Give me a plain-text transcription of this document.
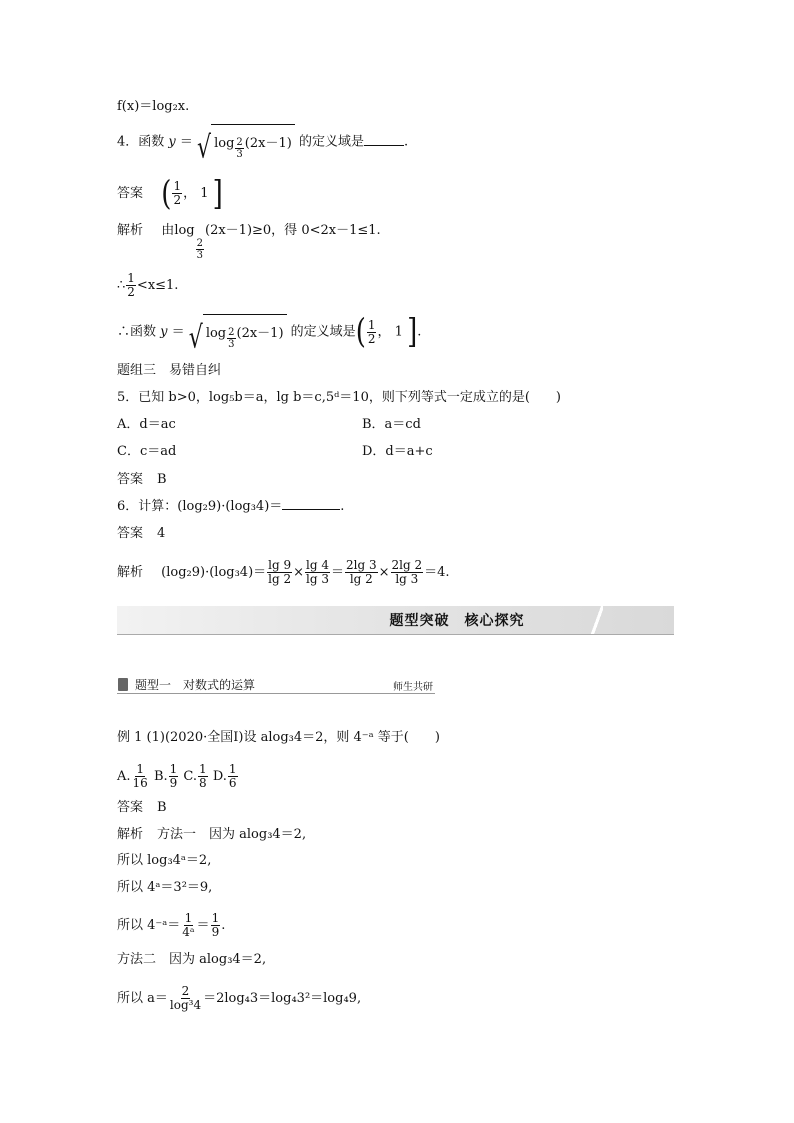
f(x)＝log₂x.
4．函数 y ＝ √ $\log \frac{2}{3} (2x-1)$ 的定义域是	.
答案 ( $\frac{1}{2}$ ， 1 ]
解析 由log
$\frac{2}{3}$
(2x－1)≥0，得 0<2x－1≤1.
∴ $\frac{1}{2} <x\le 1$.
∴函数 y ＝ √ $\log \frac{2}{3} (2x-1)$ 的定义域是( $\frac{1}{2}$ ， 1 ].
题组三　易错自纠
5．已知 b>0，log₅b＝a，lg b＝c,5ᵈ＝10，则下列等式一定成立的是(　　)
A．d＝ac	B．a＝cd
C．c＝ad	D．d＝a+c
答案 B
6．计算：(log₂9)·(log₃4)＝	.
答案 4
解析 $(\log_29)\cdot(\log_34)= \frac{\lg 9}{\lg 2} \times \frac{\lg 4}{\lg 3} = \frac{2\lg 3}{\lg 2} \times \frac{2\lg 2}{\lg 3} =4$.
题型突破　核心探究
题型一　对数式的运算	师生共研
例 1 (1)(2020·全国Ⅰ)设 alog₃4＝2，则 4⁻ᵃ 等于(　　)
A. $\frac{1}{16} B$. $\frac{1}{9} C$. $\frac{1}{8} D$. $\frac{1}{6}$
答案 B
解析 方法一　因为 alog₃4＝2,
所以 log₃4ᵃ＝2,
所以 4ᵃ＝3²＝9,
所以 4⁻ᵃ＝ $\frac{1}{\text{4ᵃ}} = \frac{1}{9}$ .
方法二　因为 alog₃4＝2,
所以 $a= \frac{2}{\text{log³4}} =2\log_43=\log_43^2=\log_49$,
